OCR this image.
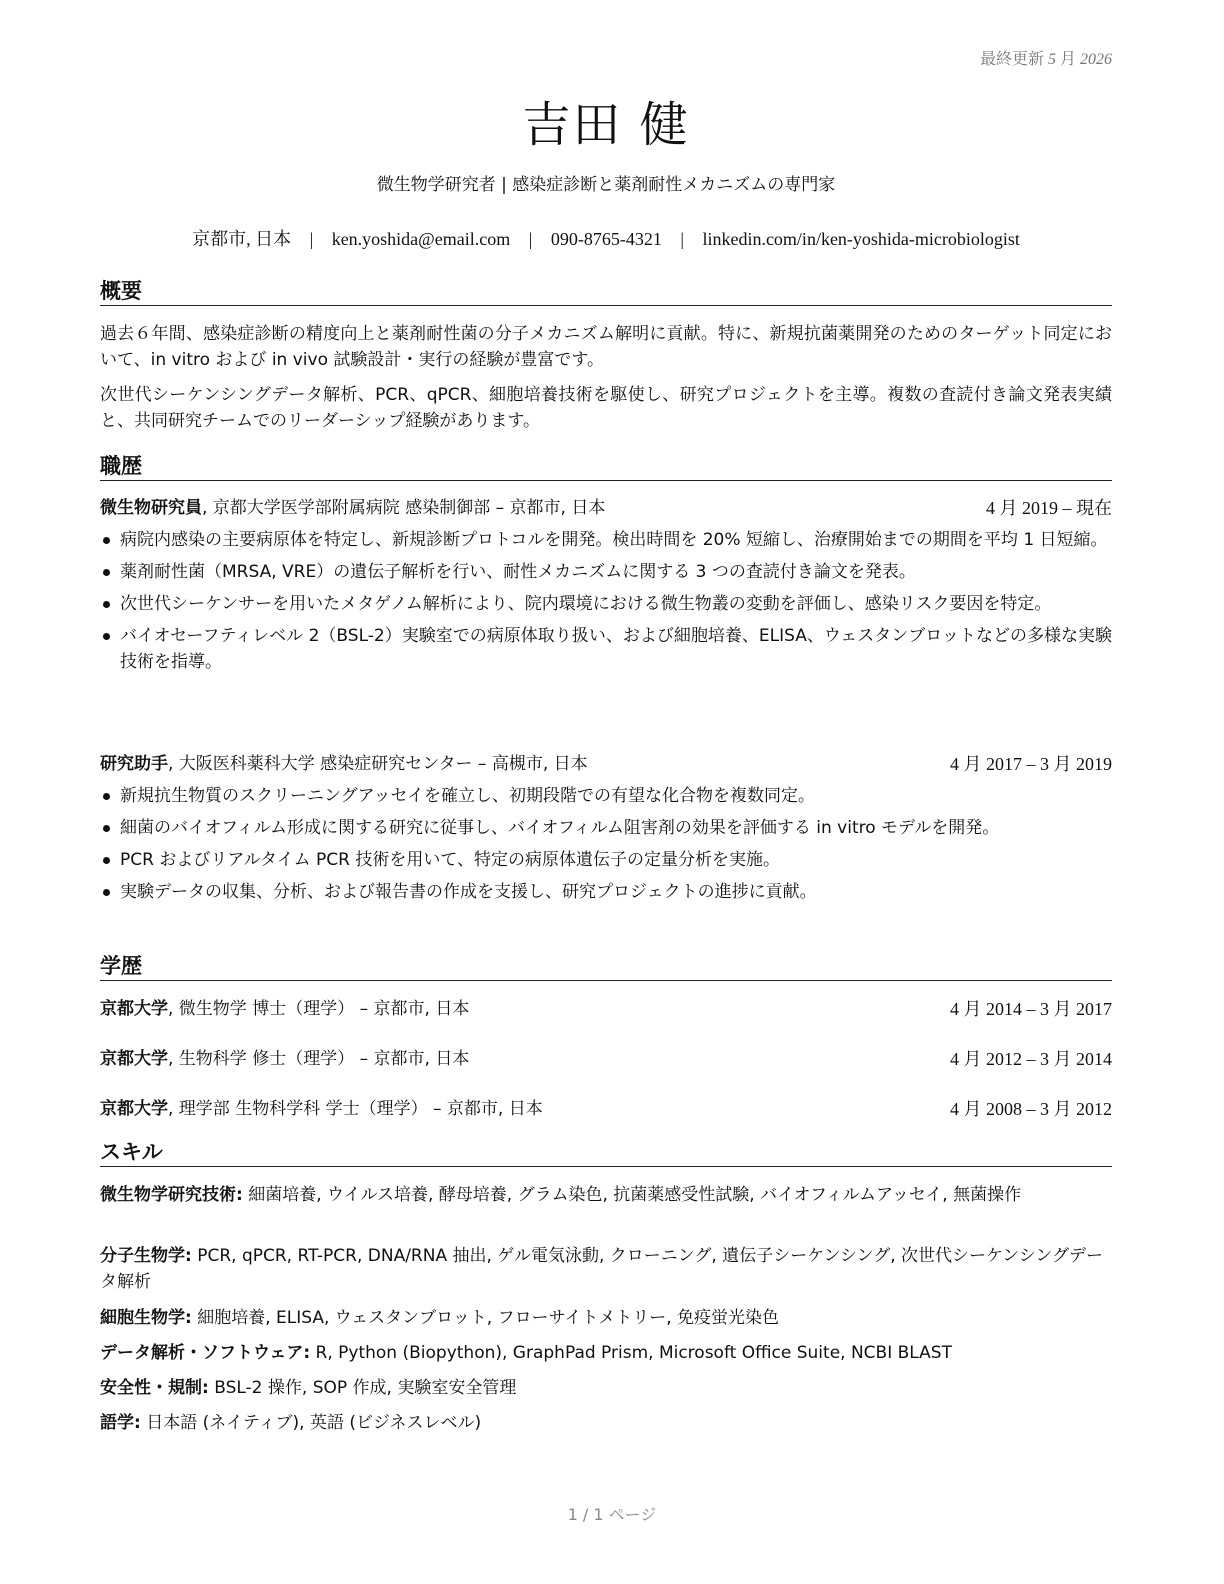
最終更新 5 月 2026
吉田 健
微生物学研究者 | 感染症診断と薬剤耐性メカニズムの専門家
京都市, 日本 | ken.yoshida@email.com | 090-8765-4321 | linkedin.com/in/ken-yoshida-microbiologist
概要
過去６年間、感染症診断の精度向上と薬剤耐性菌の分子メカニズム解明に貢献。特に、新規抗菌薬開発のためのターゲット同定において、in vitro および in vivo 試験設計・実行の経験が豊富です。
次世代シーケンシングデータ解析、PCR、qPCR、細胞培養技術を駆使し、研究プロジェクトを主導。複数の査読付き論文発表実績と、共同研究チームでのリーダーシップ経験があります。
職歴
微生物研究員, 京都大学医学部附属病院 感染制御部 – 京都市, 日本	4 月 2019 – 現在
病院内感染の主要病原体を特定し、新規診断プロトコルを開発。検出時間を 20% 短縮し、治療開始までの期間を平均 1 日短縮。
薬剤耐性菌（MRSA, VRE）の遺伝子解析を行い、耐性メカニズムに関する 3 つの査読付き論文を発表。
次世代シーケンサーを用いたメタゲノム解析により、院内環境における微生物叢の変動を評価し、感染リスク要因を特定。
バイオセーフティレベル 2（BSL-2）実験室での病原体取り扱い、および細胞培養、ELISA、ウェスタンブロットなどの多様な実験技術を指導。
研究助手, 大阪医科薬科大学 感染症研究センター – 高槻市, 日本	4 月 2017 – 3 月 2019
新規抗生物質のスクリーニングアッセイを確立し、初期段階での有望な化合物を複数同定。
細菌のバイオフィルム形成に関する研究に従事し、バイオフィルム阻害剤の効果を評価する in vitro モデルを開発。
PCR およびリアルタイム PCR 技術を用いて、特定の病原体遺伝子の定量分析を実施。
実験データの収集、分析、および報告書の作成を支援し、研究プロジェクトの進捗に貢献。
学歴
京都大学, 微生物学 博士（理学） – 京都市, 日本	4 月 2014 – 3 月 2017
京都大学, 生物科学 修士（理学） – 京都市, 日本	4 月 2012 – 3 月 2014
京都大学, 理学部 生物科学科 学士（理学） – 京都市, 日本	4 月 2008 – 3 月 2012
スキル
微生物学研究技術: 細菌培養, ウイルス培養, 酵母培養, グラム染色, 抗菌薬感受性試験, バイオフィルムアッセイ, 無菌操作
分子生物学: PCR, qPCR, RT-PCR, DNA/RNA 抽出, ゲル電気泳動, クローニング, 遺伝子シーケンシング, 次世代シーケンシングデータ解析
細胞生物学: 細胞培養, ELISA, ウェスタンブロット, フローサイトメトリー, 免疫蛍光染色
データ解析・ソフトウェア: R, Python (Biopython), GraphPad Prism, Microsoft Office Suite, NCBI BLAST
安全性・規制: BSL-2 操作, SOP 作成, 実験室安全管理
語学: 日本語 (ネイティブ), 英語 (ビジネスレベル)
1 / 1 ページ
